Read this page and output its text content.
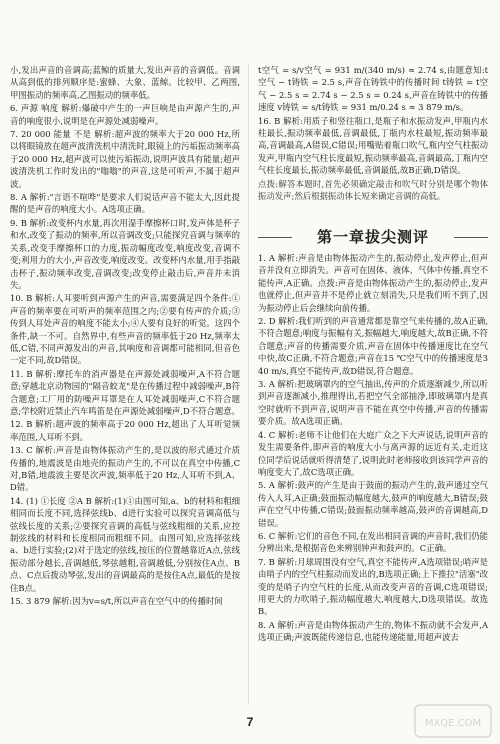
小,发出声音的音调高;蓝鲸的质量大,发出声音的音调低。音调从高到低的排列顺序是:蜜蜂、大象、蓝鲸。比较甲、乙两图,甲图振动的频率高,乙图振动的频率低。

6. 声源 响度 解析:爆破中产生的一声巨响是由声源产生的,声音的响度很小,说明是在声源处减弱噪声。

7. 20 000 能量 不是 解析:超声波的频率大于20 000 Hz,所以将眼镜放在超声波清洗机中清洗时,眼镜上的污垢振动频率高于20 000 Hz,超声波可以使污垢振动,说明声波具有能量;超声波清洗机工作时发出的"嗡嗡"的声音,这是可听声,不属于超声波。

8. A 解析:"言语不喧哗"是要求人们说话声音不能太大,因此提醒的是声音的响度大小。A选项正确。

9. B 解析:改变杯内水量,再次用湿手摩擦杯口时,发声体是杯子和水,改变了振动的频率,所以音调改变;只能探究音调与频率的关系,改变手摩擦杯口的力度,振动幅度改变,响度改变,音调不变;利用力的大小,声音改变,响度改变。改变杯内水量,用手指敲击杯子,振动频率改变,音调改变;改变停止敲击后,声音并未消失。

10. B 解析:人耳要听到声源产生的声音,需要满足四个条件:①声音的频率要在可听声的频率范围之内;②要有传声的介质;③传到人耳处声音的响度不能太小;④人要有良好的听觉。这四个条件,缺一不可。自然界中,有些声音的频率低于20 Hz,频率太低,C错,不同声源发出的声音,其响度和音调都可能相同,但音色一定不同,故D错误。

11. B 解析:摩托车的消声器是在声源处减弱噪声,A不符合题意;穿越北京动物园的"隔音蛟龙"是在传播过程中减弱噪声,B符合题意;工厂用的防噪声耳罩是在人耳处减弱噪声,C不符合题意;学校附近禁止汽车鸣笛是在声源处减弱噪声,D不符合题意。

12. B 解析:超声波的频率高于20 000 Hz,超出了人耳听觉频率范围,人耳听不到。

13. C 解析:声音是由物体振动产生的,是以波的形式通过介质传播的,地震波是由地壳的振动产生的,不可以在真空中传播,C对,B错,地震波主要是次声波,频率低于20 Hz,人耳听不到,A、D错。

14. (1) ①长度 ②A B 解析:(1)①由图可知,a、b的材料和粗细相同而长度不同,选择弦线b、d进行实验可以探究音调高低与弦线长度的关系;②要探究音调的高低与弦线粗细的关系,应控制弦线的材料和长度相同而粗细不同。由图可知,应选择弦线a、b进行实验;(2)对于选定的弦线,按压的位置越靠近A点,弦线振动部分越长,音调越低,琴弦越粗,音调越低,分别按住A点、B点、C点后拨动琴弦,发出的音调最高的是按住A点,最低的是按住B点。

15. 3 879 解析:因为v=s/t,所以声音在空气中的传播时间

t空气 = s/v空气 = 931 m/(340 m/s) ≈ 2.74 s,由题意知:t空气 − t铸铁 = 2.5 s,声音在铸铁中的传播时间 t铸铁 = t空气 − 2.5 s = 2.74 s − 2.5 s = 0.24 s,声音在铸铁中的传播速度 v铸铁 = s/t铸铁 = 931 m/0.24 s ≈ 3 879 m/s。

16. B 解析:用质子和竖往瓶口,是瓶子和水振动发声,甲瓶内水柱最长,振动频率最低,音调最低,丁瓶内水柱最短,振动频率最高,音调最高,A错误,C错误;用嘴贴着瓶口吹气,瓶内空气柱振动发声,甲瓶内空气柱长度最短,振动频率最高,音调最高,丁瓶内空气柱长度最长,振动频率最低,音调最低,故B正确,D错误。

点拨:解答本题时,首先必须确定敲击和吹气时分别是哪个物体振动发声;然后根据振动体长短来确定音调的高低。

第一章拔尖测评

1. A 解析:声音是由物体振动产生的,振动停止,发声停止,但声音并没有立即消失。声音可在固体、液体、气体中传播,真空不能传声,A正确。点拨:声音是由物体振动产生的,振动停止,发声也就停止,但声音并不是停止就立刻消失,只是我们听不到了,因为振动停止后会继续向前传播。

2. D 解析:我们听到的声音通常都是靠空气来传播的,故A正确,不符合题意;响度与振幅有关,振幅越大,响度越大,故B正确,不符合题意;声音的传播需要介质,声音在固体中传播速度比在空气中快,故C正确,不符合题意;声音在15 ℃空气中的传播速度是340 m/s,真空不能传声,故D错误,符合题意。

3. A 解析:把玻璃罩内的空气抽出,传声的介质逐渐减少,所以听到声音逐渐减小,推理得出,若把空气全部抽净,即玻璃罩内是真空时就听不到声音,说明声音不能在真空中传播,声音的传播需要介质。故A选项正确。

4. C 解析:老师不让他们在大庭广众之下大声说话,说明声音的发生需要条件,即声音的响度大小与离声源的远近有关,走近这位同学后说话就听得清楚了,说明此时老师接收到该同学声音的响度变大了,故C选项正确。

5. A 解析:鼓声的产生是由于鼓面的振动产生的,鼓声通过空气传入人耳,A正确;鼓面振动幅度越大,鼓声的响度越大,B错误;鼓声在空气中传播,C错误;鼓面振动频率越高,鼓声的音调越高,D错误。

6. C 解析:它们的音色不同,在发出相同音调的声音时,我们仍能分辨出来,是根据音色来辨别钟声和鼓声的。C正确。

7. B 解析:月球周围没有空气,真空不能传声,A选项错误;哨声是由哨子内的空气柱振动而发出的,B选项正确;上下推拉"活塞"改变的是哨子内空气柱的长度,从而改变声音的音调,C选项错误;用更大的力吹哨子,振动幅度越大,响度越大,D选项错误。故选B。

8. A 解析:声音是由物体振动产生的,物体不振动就不会发声,A选项正确;声波既能传递信息,也能传递能量,用超声波去

7	MXQE.COM
